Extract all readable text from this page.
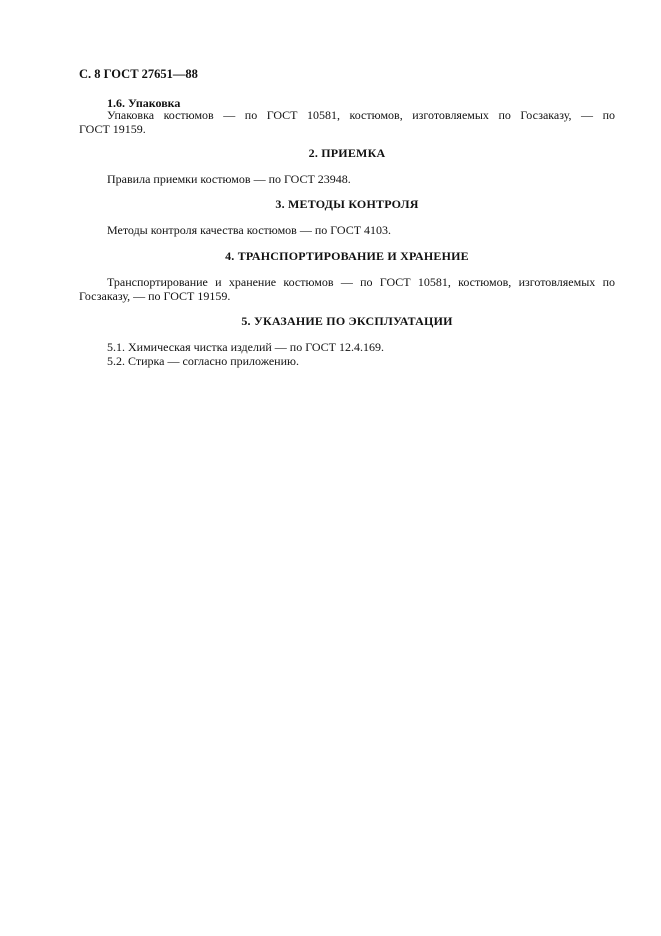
С. 8 ГОСТ 27651—88
1.6. Упаковка
Упаковка костюмов — по ГОСТ 10581, костюмов, изготовляемых по Госзаказу, — по
ГОСТ 19159.
2. ПРИЕМКА
Правила приемки костюмов — по ГОСТ 23948.
3. МЕТОДЫ КОНТРОЛЯ
Методы контроля качества костюмов — по ГОСТ 4103.
4. ТРАНСПОРТИРОВАНИЕ И ХРАНЕНИЕ
Транспортирование и хранение костюмов — по ГОСТ 10581, костюмов, изготовляемых по
Госзаказу, — по ГОСТ 19159.
5. УКАЗАНИЕ ПО ЭКСПЛУАТАЦИИ
5.1. Химическая чистка изделий — по ГОСТ 12.4.169.
5.2. Стирка — согласно приложению.
